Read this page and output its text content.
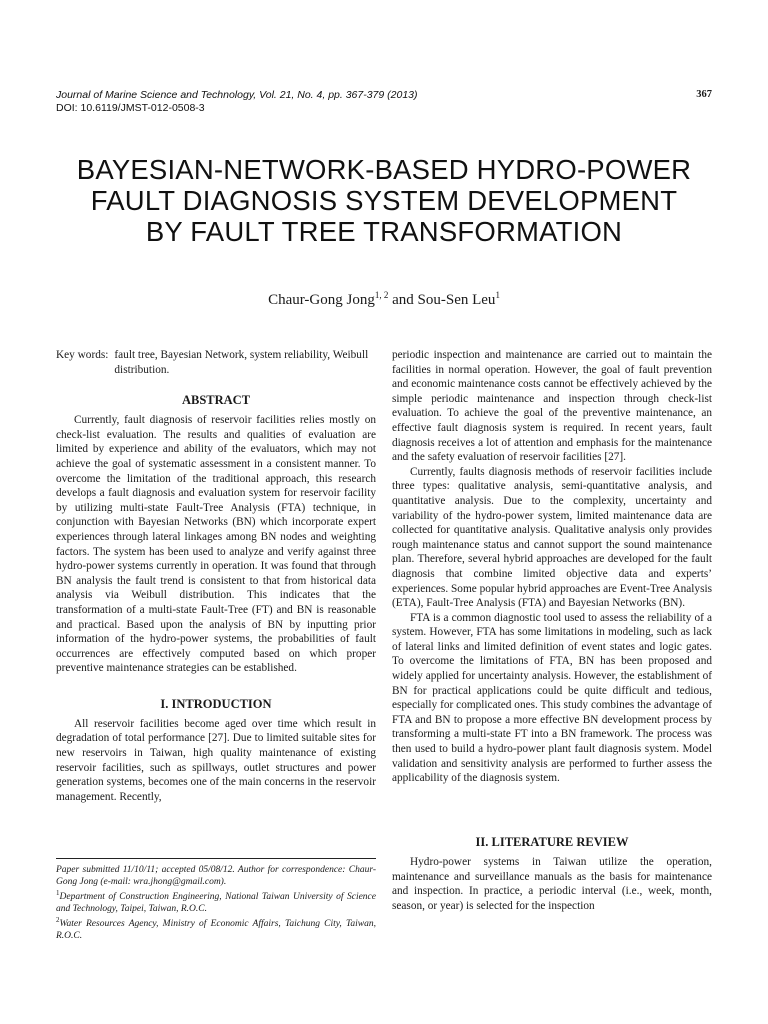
Journal of Marine Science and Technology, Vol. 21, No. 4, pp. 367-379 (2013)
DOI: 10.6119/JMST-012-0508-3
367
BAYESIAN-NETWORK-BASED HYDRO-POWER
FAULT DIAGNOSIS SYSTEM DEVELOPMENT
BY FAULT TREE TRANSFORMATION
Chaur-Gong Jong$^{1, 2}$ and Sou-Sen Leu$^1$
Key words: fault tree, Bayesian Network, system reliability, Weibull distribution.
ABSTRACT

Currently, fault diagnosis of reservoir facilities relies mostly on check-list evaluation. The results and qualities of evaluation are limited by experience and ability of the evaluators, which may not achieve the goal of systematic assessment in a consistent manner. To overcome the limitation of the traditional approach, this research develops a fault diagnosis and evaluation system for reservoir facility by utilizing multi-state Fault-Tree Analysis (FTA) technique, in conjunction with Bayesian Networks (BN) which incorporate expert experiences through lateral linkages among BN nodes and weighting factors. The system has been used to analyze and verify against three hydro-power systems currently in operation. It was found that through BN analysis the fault trend is consistent to that from historical data analysis via Weibull distribution. This indicates that the transformation of a multi-state Fault-Tree (FT) and BN is reasonable and practical. Based upon the analysis of BN by inputting prior information of the hydro-power systems, the probabilities of fault occurrences are effectively computed based on which proper preventive maintenance strategies can be established.

I. INTRODUCTION

All reservoir facilities become aged over time which result in degradation of total performance [27]. Due to limited suitable sites for new reservoirs in Taiwan, high quality maintenance of existing reservoir facilities, such as spillways, outlet structures and power generation systems, becomes one of the main concerns in the reservoir management. Recently,

Paper submitted 11/10/11; accepted 05/08/12. Author for correspondence: Chaur-Gong Jong (e-mail: wra.jhong@gmail.com).
$^1$Department of Construction Engineering, National Taiwan University of Science and Technology, Taipei, Taiwan, R.O.C.
$^2$Water Resources Agency, Ministry of Economic Affairs, Taichung City, Taiwan, R.O.C.

periodic inspection and maintenance are carried out to maintain the facilities in normal operation. However, the goal of fault prevention and economic maintenance costs cannot be effectively achieved by the simple periodic maintenance and inspection through check-list evaluation. To achieve the goal of the preventive maintenance, an effective fault diagnosis system is required. In recent years, fault diagnosis receives a lot of attention and emphasis for the maintenance and the safety evaluation of reservoir facilities [27].

Currently, faults diagnosis methods of reservoir facilities include three types: qualitative analysis, semi-quantitative analysis, and quantitative analysis. Due to the complexity, uncertainty and variability of the hydro-power system, limited maintenance data are collected for quantitative analysis. Qualitative analysis only provides rough maintenance status and cannot support the sound maintenance plan. Therefore, several hybrid approaches are developed for the fault diagnosis that combine limited objective data and experts’ experiences. Some popular hybrid approaches are Event-Tree Analysis (ETA), Fault-Tree Analysis (FTA) and Bayesian Networks (BN).

FTA is a common diagnostic tool used to assess the reliability of a system. However, FTA has some limitations in modeling, such as lack of lateral links and limited definition of event states and logic gates. To overcome the limitations of FTA, BN has been proposed and widely applied for uncertainty analysis. However, the establishment of BN for practical applications could be quite difficult and tedious, especially for complicated ones. This study combines the advantage of FTA and BN to propose a more effective BN development process by transforming a multi-state FT into a BN framework. The process was then used to build a hydro-power plant fault diagnosis system. Model validation and sensitivity analysis are performed to further assess the applicability of the diagnosis system.

II. LITERATURE REVIEW

Hydro-power systems in Taiwan utilize the operation, maintenance and surveillance manuals as the basis for maintenance and inspection. In practice, a periodic interval (i.e., week, month, season, or year) is selected for the inspection
